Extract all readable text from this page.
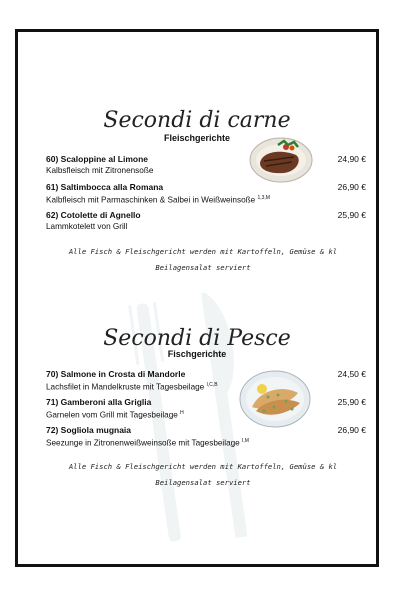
Secondi di carne
Fleischgerichte
60) Scaloppine al Limone
Kalbsfleisch mit Zitronensoße
24,90 €
61) Saltimbocca alla Romana
Kalbfleisch mit Parmaschinken & Salbei in Weißweinsoße $^{1,3,M}$
26,90 €
62) Cotolette di Agnello
Lammkotelett von Grill
25,90 €
Alle Fisch & Fleischgericht werden mit Kartoffeln, Gemüse & kl Beilagensalat serviert
Secondi di Pesce
Fischgerichte
70) Salmone in Crosta di Mandorle
Lachsfilet in Mandelkruste mit Tagesbeilage $^{I,C,B}$
24,50 €
71) Gamberoni alla Griglia
Garnelen vom Grill mit Tagesbeilage $^H$
25,90 €
72) Sogliola mugnaia
Seezunge in Zitronenweißweinsoße mit Tagesbeilage $^{I,M}$
26,90 €
Alle Fisch & Fleischgericht werden mit Kartoffeln, Gemüse & kl Beilagensalat serviert
